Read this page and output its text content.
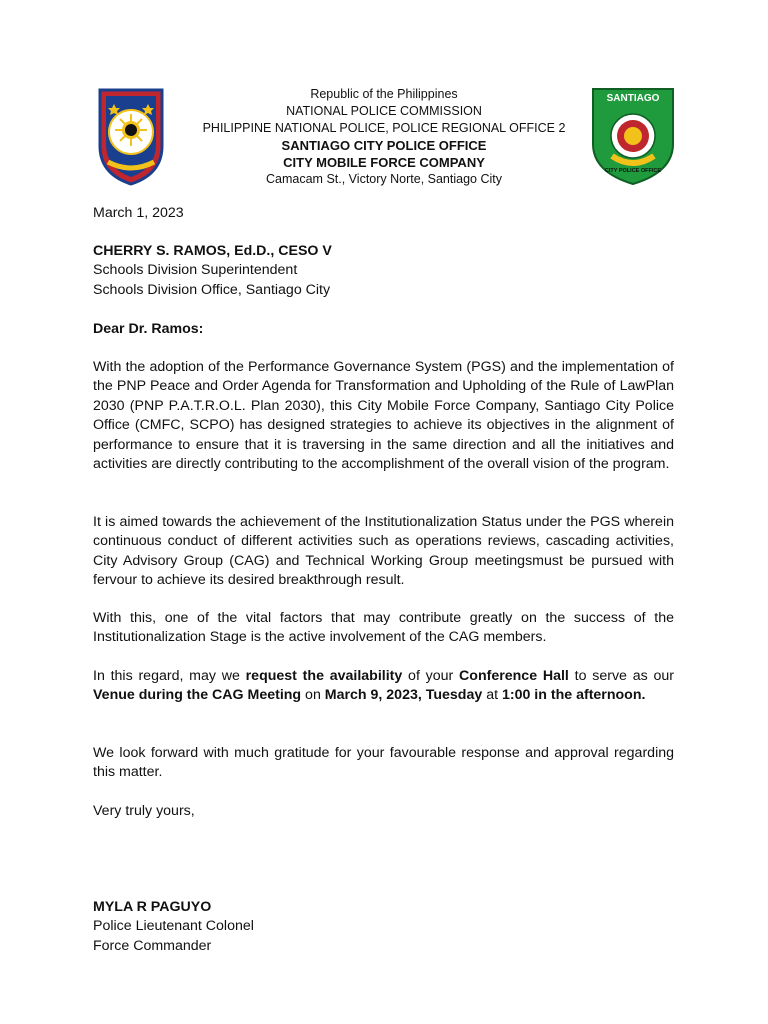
Republic of the Philippines
NATIONAL POLICE COMMISSION
PHILIPPINE NATIONAL POLICE, POLICE REGIONAL OFFICE 2
SANTIAGO CITY POLICE OFFICE
CITY MOBILE FORCE COMPANY
Camacam St., Victory Norte, Santiago City
SANTIAGO
CITY POLICE OFFICE
March 1, 2023
CHERRY S. RAMOS, Ed.D., CESO V
Schools Division Superintendent
Schools Division Office, Santiago City
Dear Dr. Ramos:
With the adoption of the Performance Governance System (PGS) and the implementation of the PNP Peace and Order Agenda for Transformation and Upholding of the Rule of LawPlan 2030 (PNP P.A.T.R.O.L. Plan 2030), this City Mobile Force Company, Santiago City Police Office (CMFC, SCPO) has designed strategies to achieve its objectives in the alignment of performance to ensure that it is traversing in the same direction and all the initiatives and activities are directly contributing to the accomplishment of the overall vision of the program.
It is aimed towards the achievement of the Institutionalization Status under the PGS wherein continuous conduct of different activities such as operations reviews, cascading activities, City Advisory Group (CAG) and Technical Working Group meetingsmust be pursued with fervour to achieve its desired breakthrough result.
With this, one of the vital factors that may contribute greatly on the success of the Institutionalization Stage is the active involvement of the CAG members.
In this regard, may we request the availability of your Conference Hall to serve as our Venue during the CAG Meeting on March 9, 2023, Tuesday at 1:00 in the afternoon.
We look forward with much gratitude for your favourable response and approval regarding this matter.
Very truly yours,
MYLA R PAGUYO
Police Lieutenant Colonel
Force Commander
